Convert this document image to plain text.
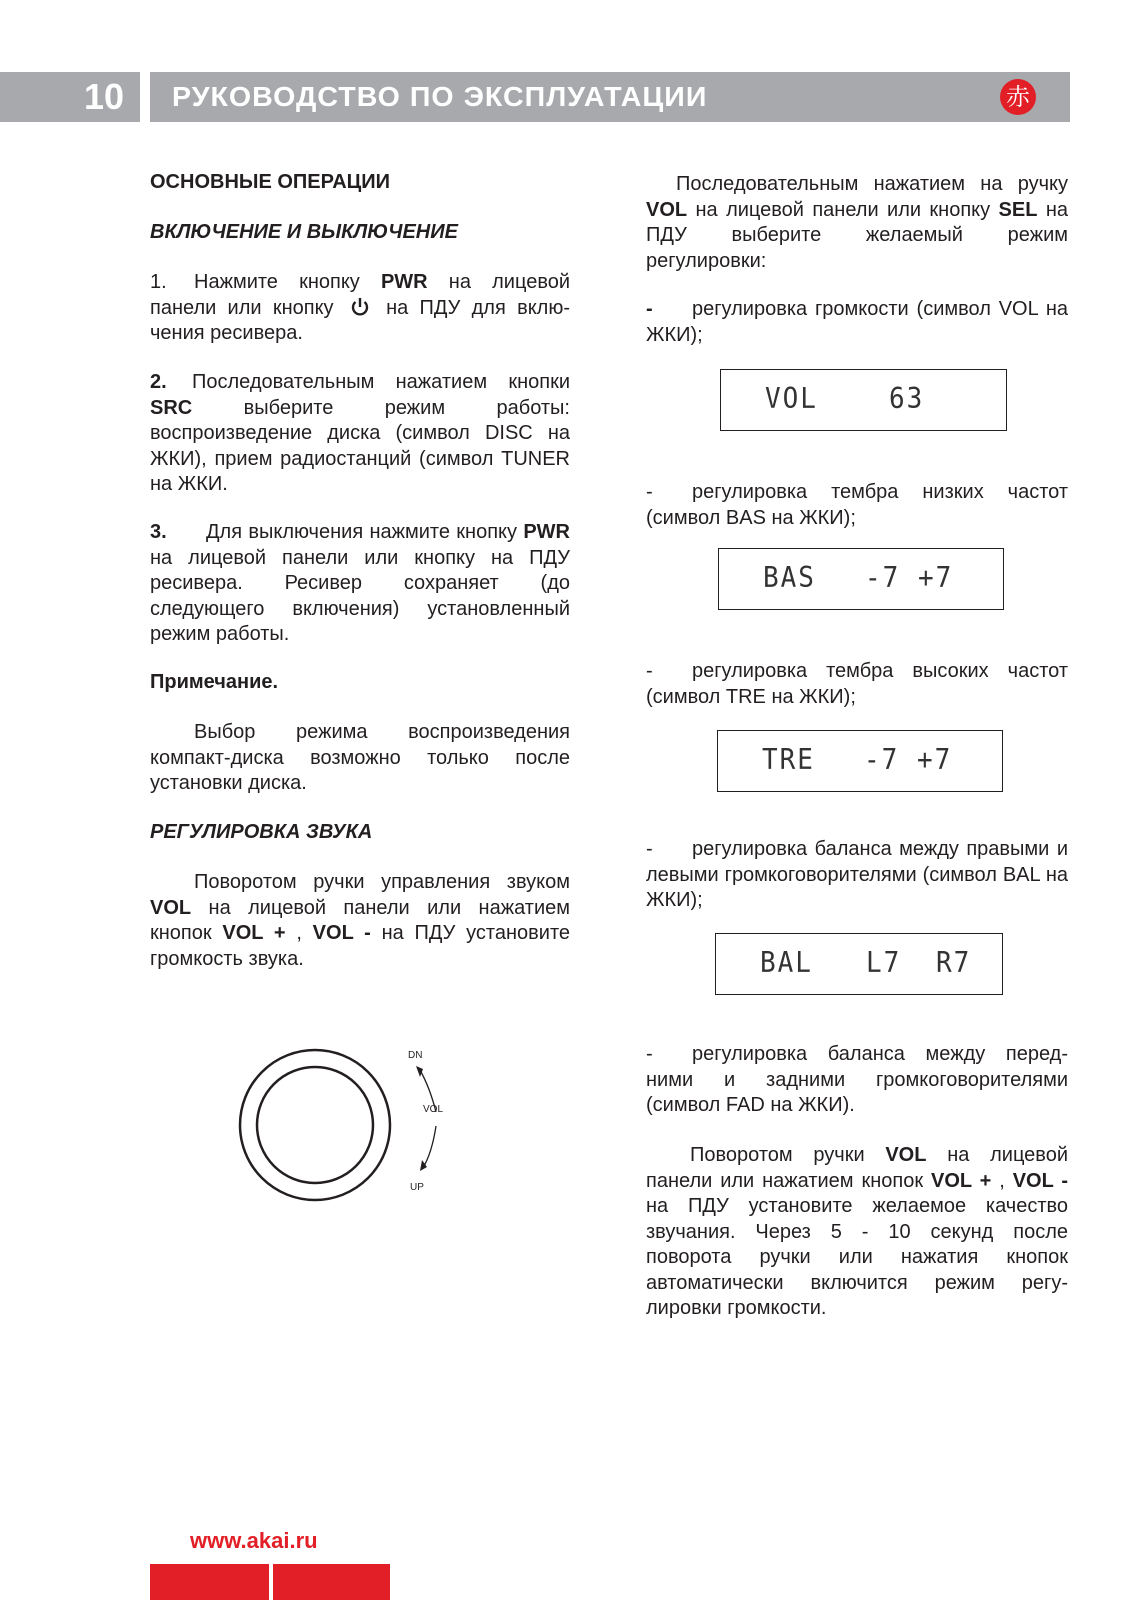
10	РУКОВОДСТВО ПО ЭКСПЛУАТАЦИИ	赤
ОСНОВНЫЕ ОПЕРАЦИИ
ВКЛЮЧЕНИЕ И ВЫКЛЮЧЕНИЕ
1. Нажмите кнопку PWR на лицевой панели или кнопку  на ПДУ для вклю-чения ресивера.
2. Последовательным нажатием кнопки SRC выберите режим работы: воспроизведение диска (символ DISC на ЖКИ), прием радиостанций (символ TUNER на ЖКИ.
3. Для выключения нажмите кнопку PWR на лицевой панели или кнопку на ПДУ ресивера. Ресивер сохраняет (до следующего включения) установленный режим работы.
Примечание.
Выбор режима воспроизведения компакт-диска возможно только после установки диска.
РЕГУЛИРОВКА ЗВУКА
Поворотом ручки управления звуком VOL на лицевой панели или нажатием кнопок VOL + , VOL - на ПДУ установите громкость звука.
DN
VOL
UP
Последовательным нажатием на ручку VOL на лицевой панели или кнопку SEL на ПДУ выберите желаемый режим регулировки:
- регулировка громкости (символ VOL на ЖКИ);
VOL	63
- регулировка тембра низких частот (символ BAS на ЖКИ);
BAS -7 +7
- регулировка тембра высоких частот (символ TRE на ЖКИ);
TRE -7 +7
- регулировка баланса между правыми и левыми громкоговорителями (символ BAL на ЖКИ);
BAL L7 R7
- регулировка баланса между перед-ними и задними громкоговорителями (символ FAD на ЖКИ).
Поворотом ручки VOL на лицевой панели или нажатием кнопок VOL + , VOL - на ПДУ установите желаемое качество звучания. Через 5 - 10 секунд после поворота ручки или нажатия кнопок автоматически включится режим регу-лировки громкости.
www.akai.ru
